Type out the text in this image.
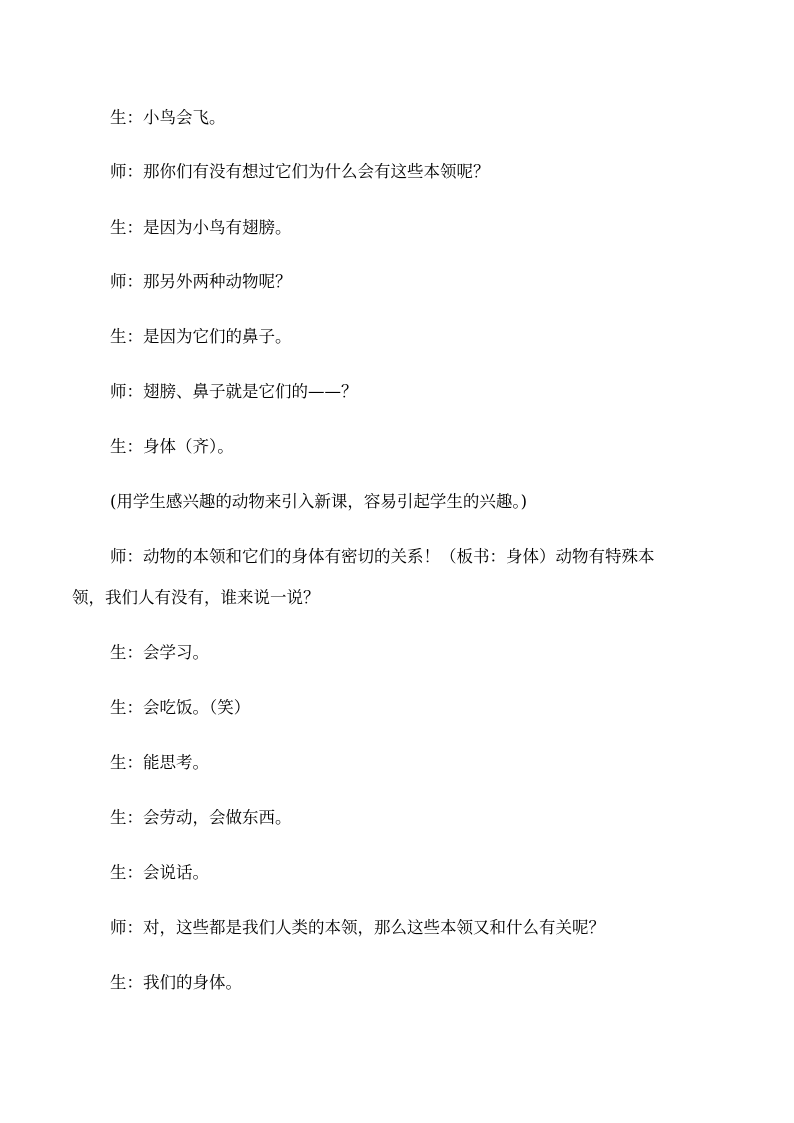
生：小鸟会飞。
师：那你们有没有想过它们为什么会有这些本领呢？
生：是因为小鸟有翅膀。
师：那另外两种动物呢？
生：是因为它们的鼻子。
师：翅膀、鼻子就是它们的——？
生：身体（齐）。
(用学生感兴趣的动物来引入新课，容易引起学生的兴趣。)
师：动物的本领和它们的身体有密切的关系！（板书：身体）动物有特殊本
领，我们人有没有，谁来说一说？
生：会学习。
生：会吃饭。（笑）
生：能思考。
生：会劳动，会做东西。
生：会说话。
师：对，这些都是我们人类的本领，那么这些本领又和什么有关呢？
生：我们的身体。
